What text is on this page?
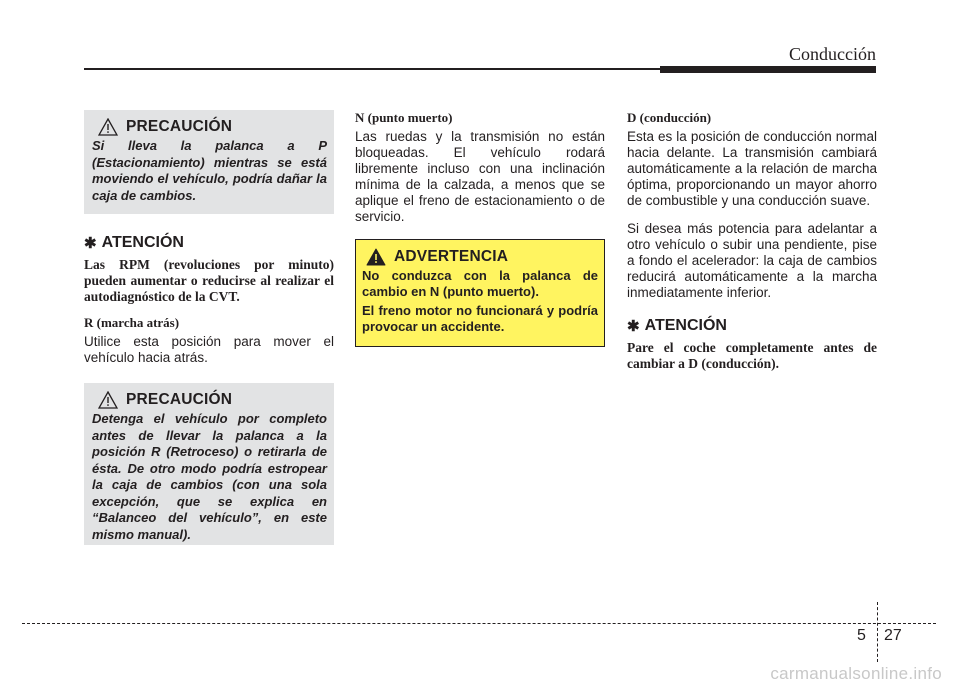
Conducción
PRECAUCIÓN
Si lleva la palanca a P (Estacionamiento) mientras se está moviendo el vehículo, podría dañar la caja de cambios.
✱ ATENCIÓN

Las RPM (revoluciones por minuto) pueden aumentar o reducirse al realizar el autodiagnóstico de la CVT.

R (marcha atrás)

Utilice esta posición para mover el vehículo hacia atrás.

PRECAUCIÓN
Detenga el vehículo por completo antes de llevar la palanca a la posición R (Retroceso) o retirarla de ésta. De otro modo podría estropear la caja de cambios (con una sola excepción, que se explica en “Balanceo del vehículo”, en este mismo manual).

N (punto muerto)

Las ruedas y la transmisión no están bloqueadas. El vehículo rodará libremente incluso con una inclinación mínima de la calzada, a menos que se aplique el freno de estacionamiento o de servicio.

ADVERTENCIA

No conduzca con la palanca de cambio en N (punto muerto).

El freno motor no funcionará y podría provocar un accidente.

D (conducción)

Esta es la posición de conducción normal hacia delante. La transmisión cambiará automáticamente a la relación de marcha óptima, proporcionando un mayor ahorro de combustible y una conducción suave.

Si desea más potencia para adelantar a otro vehículo o subir una pendiente, pise a fondo el acelerador: la caja de cambios reducirá automáticamente a la marcha inmediatamente inferior.

✱ ATENCIÓN

Pare el coche completamente antes de cambiar a D (conducción).

5 27
carmanualsonline.info
